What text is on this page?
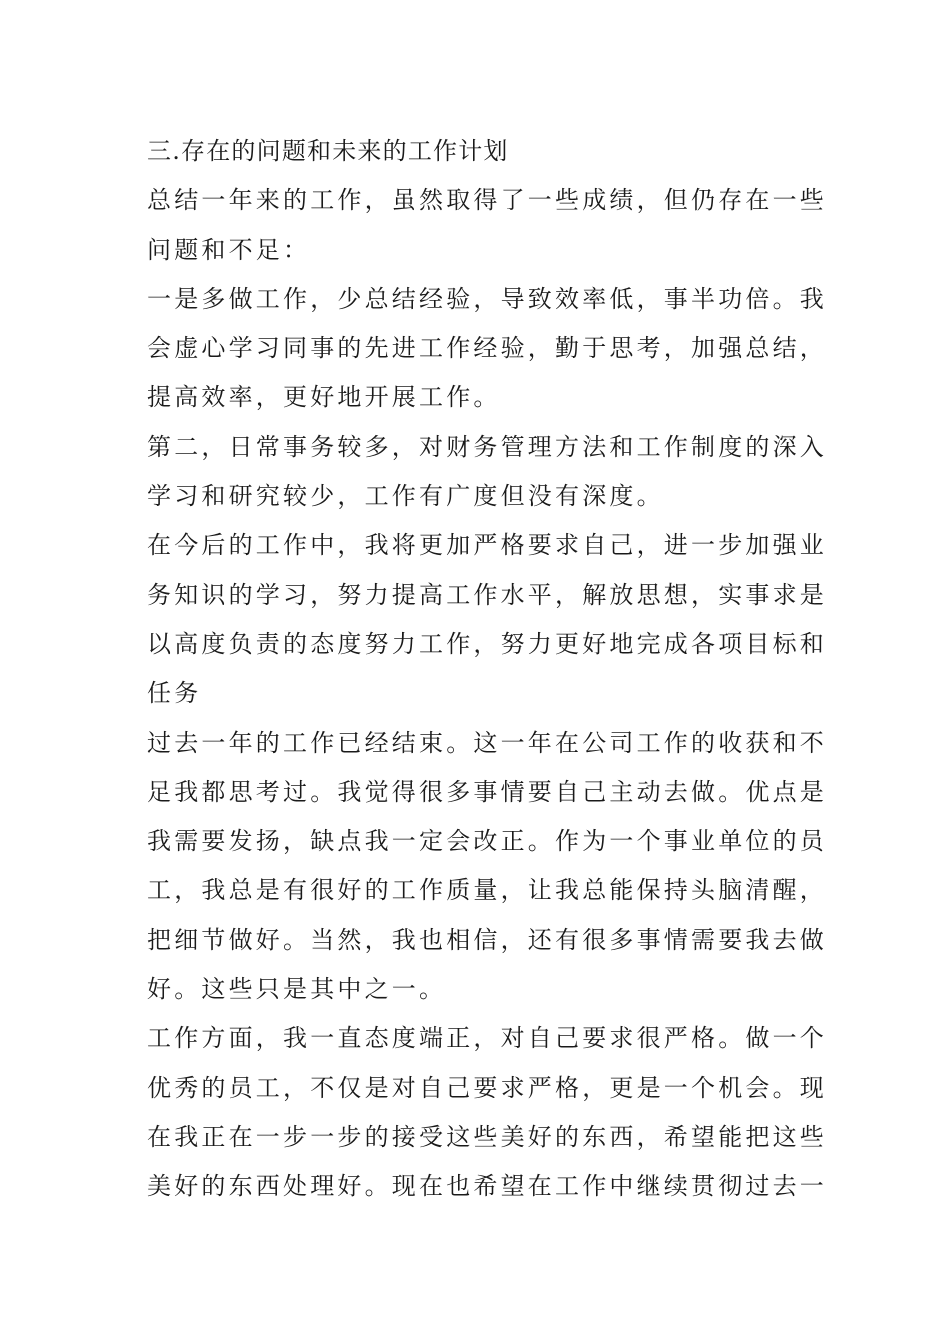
三.存在的问题和未来的工作计划
总结一年来的工作，虽然取得了一些成绩，但仍存在一些
问题和不足：
一是多做工作，少总结经验，导致效率低，事半功倍。我
会虚心学习同事的先进工作经验，勤于思考，加强总结，
提高效率，更好地开展工作。
第二，日常事务较多，对财务管理方法和工作制度的深入
学习和研究较少，工作有广度但没有深度。
在今后的工作中，我将更加严格要求自己，进一步加强业
务知识的学习，努力提高工作水平，解放思想，实事求是
以高度负责的态度努力工作，努力更好地完成各项目标和
任务
过去一年的工作已经结束。这一年在公司工作的收获和不
足我都思考过。我觉得很多事情要自己主动去做。优点是
我需要发扬，缺点我一定会改正。作为一个事业单位的员
工，我总是有很好的工作质量，让我总能保持头脑清醒，
把细节做好。当然，我也相信，还有很多事情需要我去做
好。这些只是其中之一。
工作方面，我一直态度端正，对自己要求很严格。做一个
优秀的员工，不仅是对自己要求严格，更是一个机会。现
在我正在一步一步的接受这些美好的东西，希望能把这些
美好的东西处理好。现在也希望在工作中继续贯彻过去一
